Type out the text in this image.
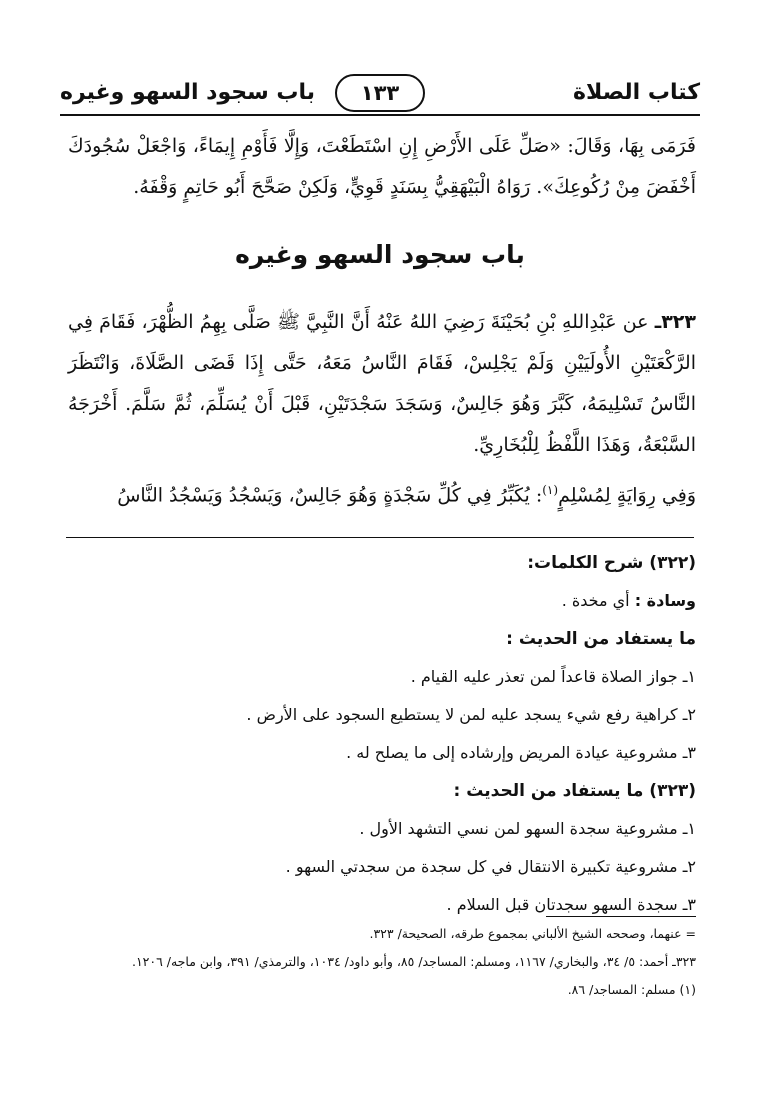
كتاب الصلاة
١٣٣
باب سجود السهو وغيره
فَرَمَى بِهَا، وَقَالَ: «صَلِّ عَلَى الأَرْضِ إِنِ اسْتَطَعْتَ، وَإِلَّا فَأَوْمِ إِيمَاءً، وَاجْعَلْ سُجُودَكَ أَخْفَضَ مِنْ رُكُوعِكَ». رَوَاهُ الْبَيْهَقِيُّ بِسَنَدٍ قَوِيٍّ، وَلَكِنْ صَحَّحَ أَبُو حَاتِمٍ وَقْفَهُ.
باب سجود السهو وغيره
٣٢٣ـ عن عَبْدِاللهِ بْنِ بُحَيْنَةَ رَضِيَ اللهُ عَنْهُ أَنَّ النَّبِيَّ ﷺ صَلَّى بِهِمُ الظُّهْرَ، فَقَامَ فِي الرَّكْعَتَيْنِ الأُولَيَيْنِ وَلَمْ يَجْلِسْ، فَقَامَ النَّاسُ مَعَهُ، حَتَّى إِذَا قَضَى الصَّلَاةَ، وَانْتَظَرَ النَّاسُ تَسْلِيمَهُ، كَبَّرَ وَهُوَ جَالِسٌ، وَسَجَدَ سَجْدَتَيْنِ، قَبْلَ أَنْ يُسَلِّمَ، ثُمَّ سَلَّمَ. أَخْرَجَهُ السَّبْعَةُ، وَهَذَا اللَّفْظُ لِلْبُخَارِيِّ.
وَفِي رِوَايَةٍ لِمُسْلِمٍ$^{(١)}$: يُكَبِّرُ فِي كُلِّ سَجْدَةٍ وَهُوَ جَالِسٌ، وَيَسْجُدُ وَيَسْجُدُ النَّاسُ
(٣٢٢) شرح الكلمات:
وسادة : أي مخدة .
ما يستفاد من الحديث :
١ـ جواز الصلاة قاعداً لمن تعذر عليه القيام .
٢ـ كراهية رفع شيء يسجد عليه لمن لا يستطيع السجود على الأرض .
٣ـ مشروعية عيادة المريض وإرشاده إلى ما يصلح له .
(٣٢٣) ما يستفاد من الحديث :
١ـ مشروعية سجدة السهو لمن نسي التشهد الأول .
٢ـ مشروعية تكبيرة الانتقال في كل سجدة من سجدتي السهو .
٣ـ سجدة السهو سجدتان قبل السلام .
= عنهما، وصححه الشيخ الألباني بمجموع طرقه، الصحيحة/ ٣٢٣.
٣٢٣ـ أحمد: ٥/ ٣٤، والبخاري/ ١١٦٧، ومسلم: المساجد/ ٨٥، وأبو داود/ ١٠٣٤، والترمذي/ ٣٩١، وابن ماجه/ ١٢٠٦.
(١) مسلم: المساجد/ ٨٦.
